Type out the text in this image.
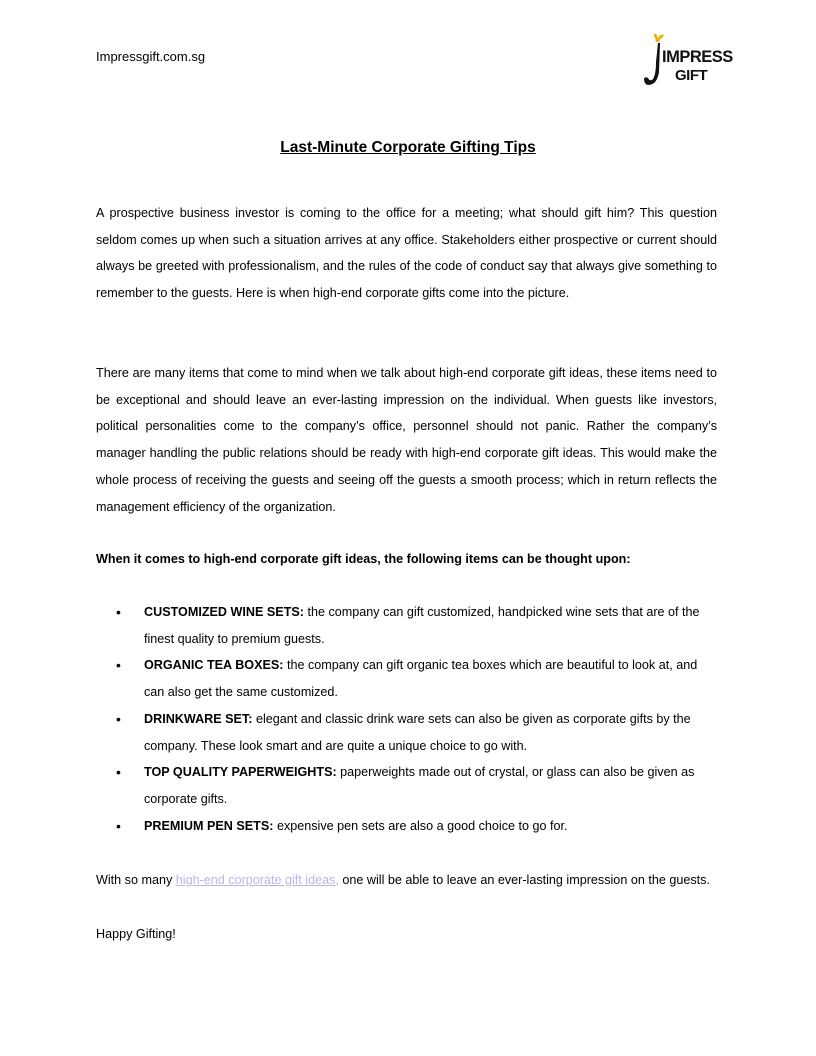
Impressgift.com.sg	IMPRESS
GIFT
Last-Minute Corporate Gifting Tips
A prospective business investor is coming to the office for a meeting; what should gift him? This question seldom comes up when such a situation arrives at any office. Stakeholders either prospective or current should always be greeted with professionalism, and the rules of the code of conduct say that always give something to remember to the guests. Here is when high-end corporate gifts come into the picture.
There are many items that come to mind when we talk about high-end corporate gift ideas, these items need to be exceptional and should leave an ever-lasting impression on the individual. When guests like investors, political personalities come to the company’s office, personnel should not panic. Rather the company’s manager handling the public relations should be ready with high-end corporate gift ideas. This would make the whole process of receiving the guests and seeing off the guests a smooth process; which in return reflects the management efficiency of the organization.
When it comes to high-end corporate gift ideas, the following items can be thought upon:
• CUSTOMIZED WINE SETS: the company can gift customized, handpicked wine sets that are of the finest quality to premium guests.
• ORGANIC TEA BOXES: the company can gift organic tea boxes which are beautiful to look at, and can also get the same customized.
• DRINKWARE SET: elegant and classic drink ware sets can also be given as corporate gifts by the company. These look smart and are quite a unique choice to go with.
• TOP QUALITY PAPERWEIGHTS: paperweights made out of crystal, or glass can also be given as corporate gifts.
• PREMIUM PEN SETS: expensive pen sets are also a good choice to go for.
With so many high-end corporate gift ideas, one will be able to leave an ever-lasting impression on the guests.
Happy Gifting!
